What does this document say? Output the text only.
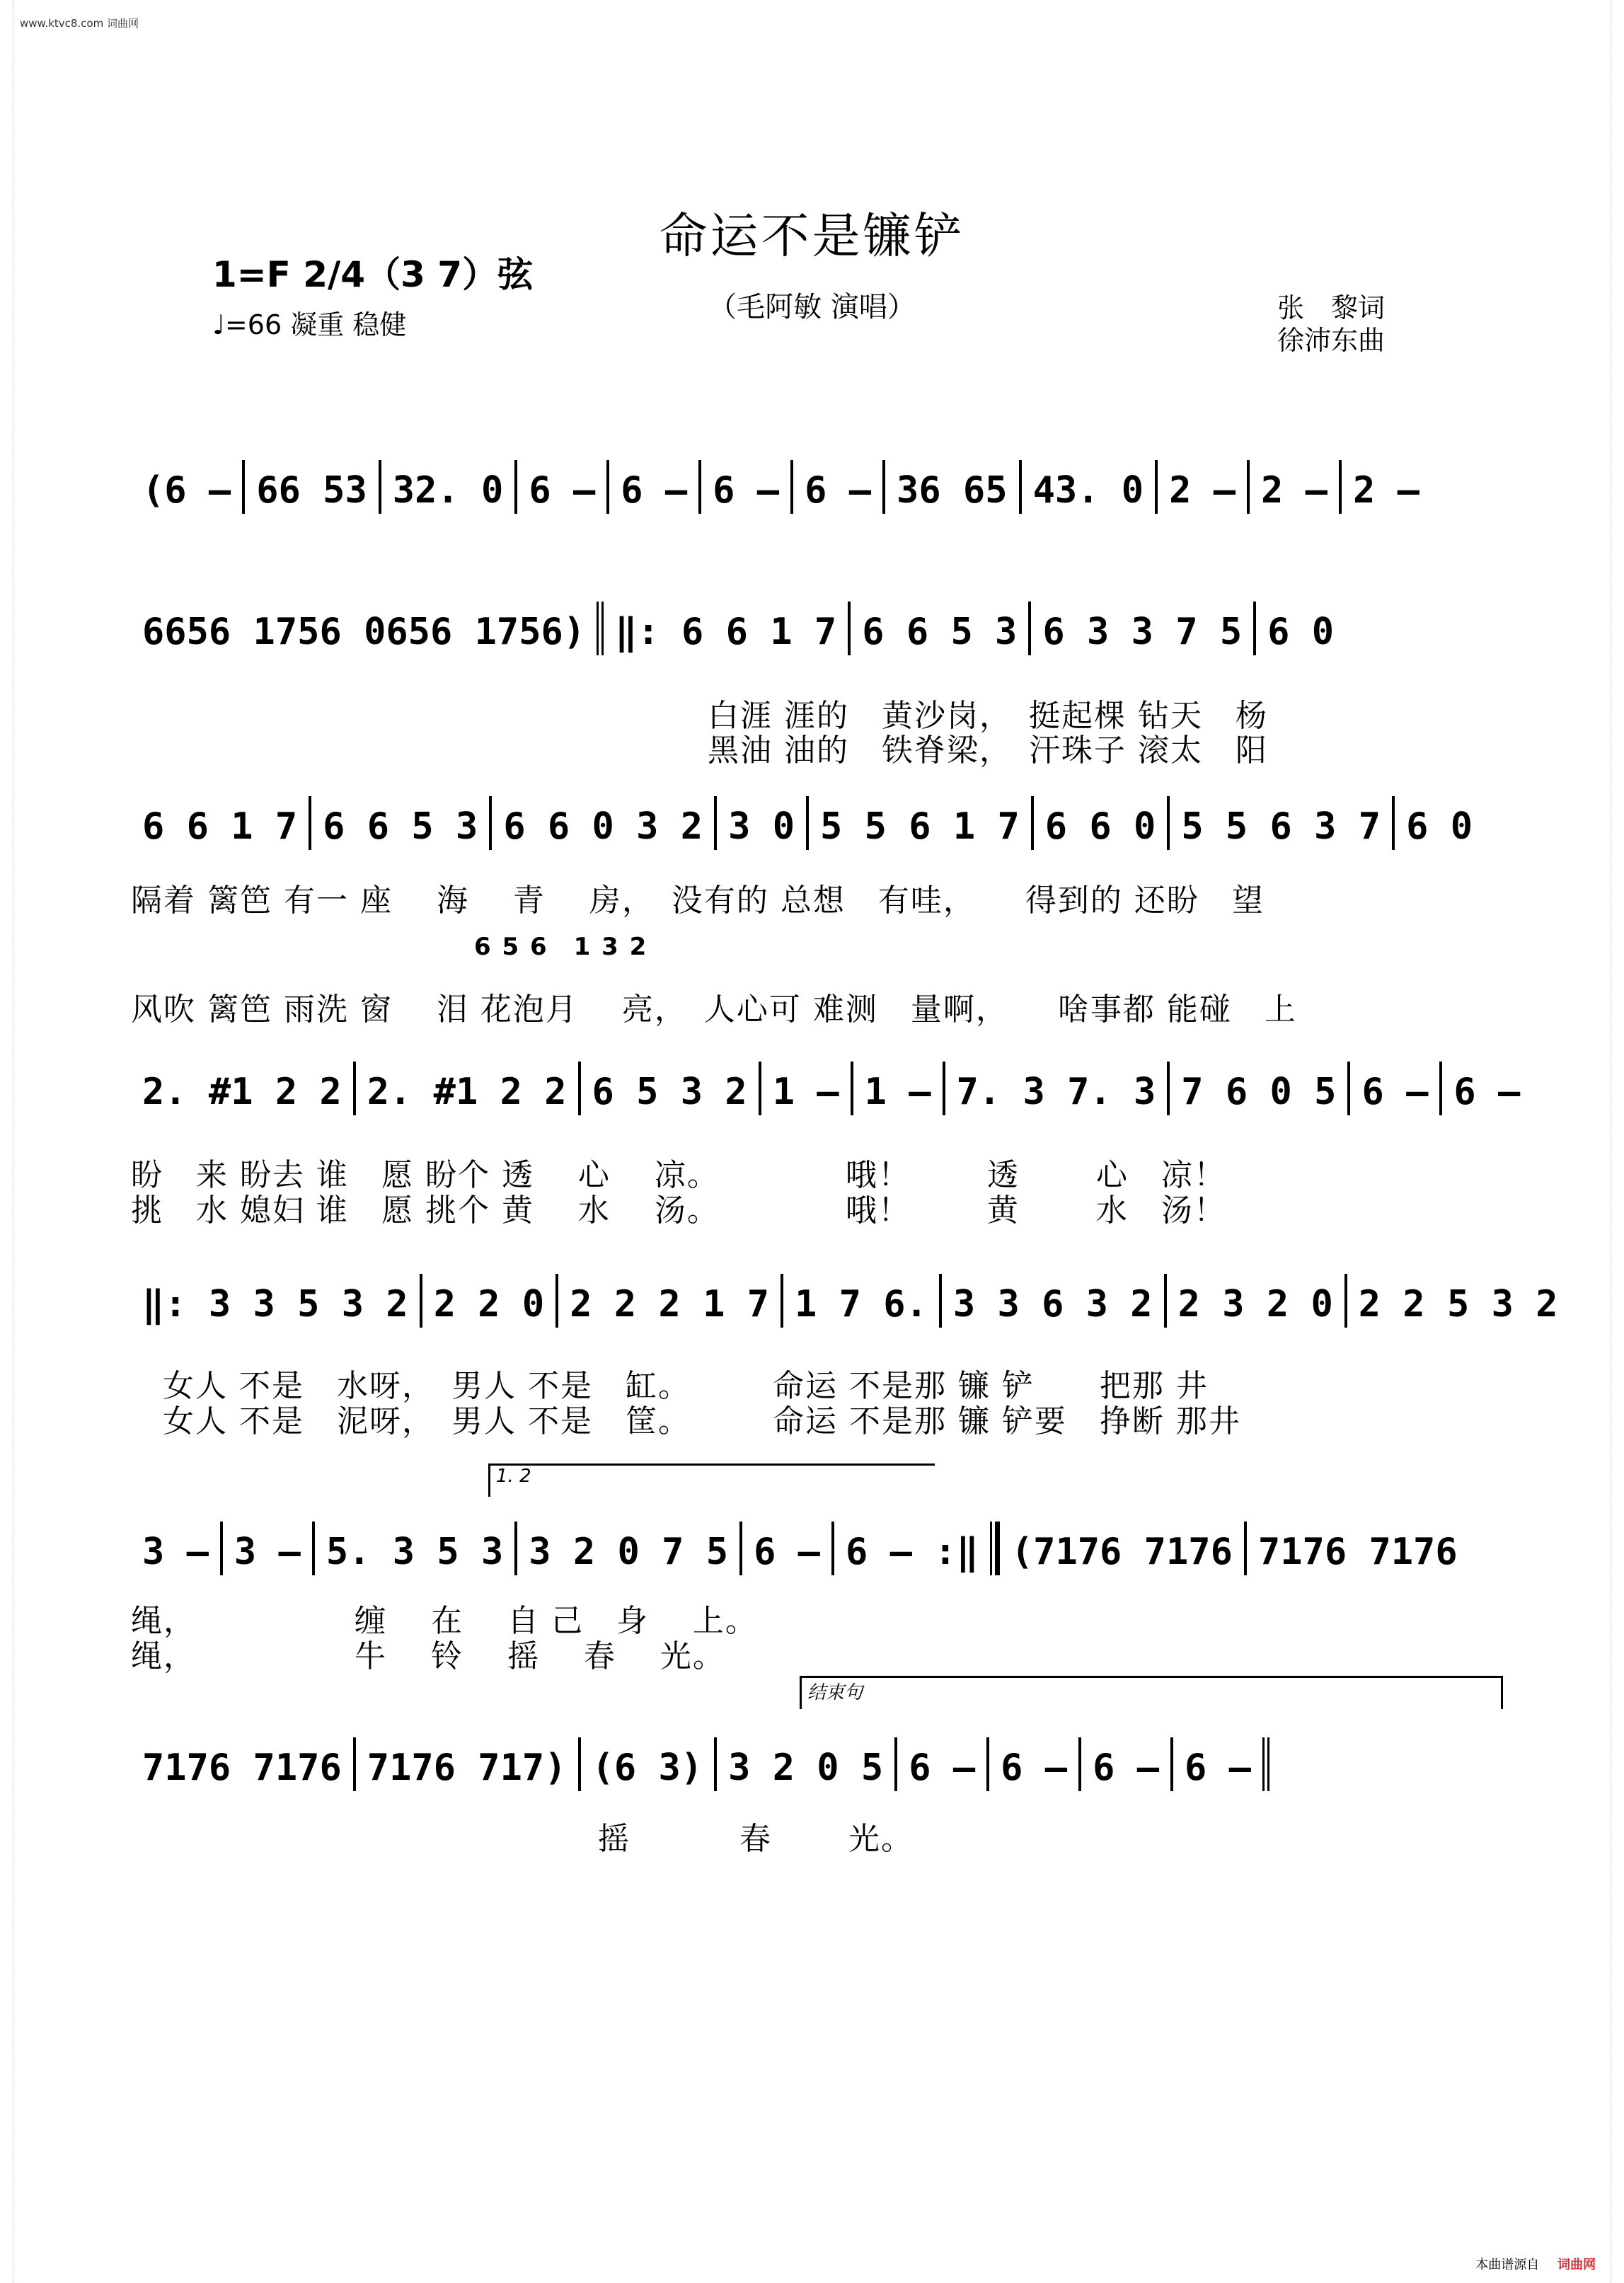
www.ktvc8.com 词曲网
命运不是镰铲
（毛阿敏 演唱）
1=F 2/4（3 7）弦
♩=66 凝重 稳健
张　黎词
徐沛东曲
(6 – 66 53 32. 0 6 – 6 – 6 – 6 – 36 65 43. 0 2 – 2 – 2 –
6656 1756 0656 1756) ‖: 6 6 1 7 6 6 5 3 6 3 3 7 5 6 0
白涯 涯的　黄沙岗，　挺起棵 钻天　杨
黑油 油的　铁脊梁，　汗珠子 滚太　阳
6 6 1 7 6 6 5 3 6 6 0 3 2 3 0 5 5 6 1 7 6 6 0 5 5 6 3 7 6 0
隔着 篱笆 有一 座　 海　 青　 房，　没有的 总想　有哇，　　得到的 还盼　望
6 5 6　1 3 2
风吹 篱笆 雨洗 窗　 泪 花泡月　 亮，　人心可 难测　量啊，　　啥事都 能碰　上
2. #1 2 2 2. #1 2 2 6 5 3 2 1 – 1 – 7. 3 7. 3 7 6 0 5 6 – 6 –
盼　来 盼去 谁　愿 盼个 透　 心　 凉。　　　　 哦！　　 透　　 心　凉！
挑　水 媳妇 谁　愿 挑个 黄　 水　 汤。　　　　 哦！　　 黄　　 水　汤！
‖: 3 3 5 3 2 2 2 0 2 2 2 1 7 1 7 6. 3 3 6 3 2 2 3 2 0 2 2 5 3 2
女人 不是　水呀，　男人 不是　缸。　　　命运 不是那 镰 铲　　把那 井
女人 不是　泥呀，　男人 不是　筐。　　　命运 不是那 镰 铲要　挣断 那井
1. 2
3 – 3 – 5. 3 5 3 3 2 0 7 5 6 – 6 – :‖ (7176 7176 7176 7176
绳，　　　　　 缠　 在　 自 己　身　 上。
绳，　　　　　 牛　 铃　 摇　 春　 光。
结束句
7176 7176 7176 717) (6 3) 3 2 0 5 6 – 6 – 6 – 6 –
　　　　　　　　　　　　　　 摇　　　 春　　 光。
本曲谱源自 词曲网
